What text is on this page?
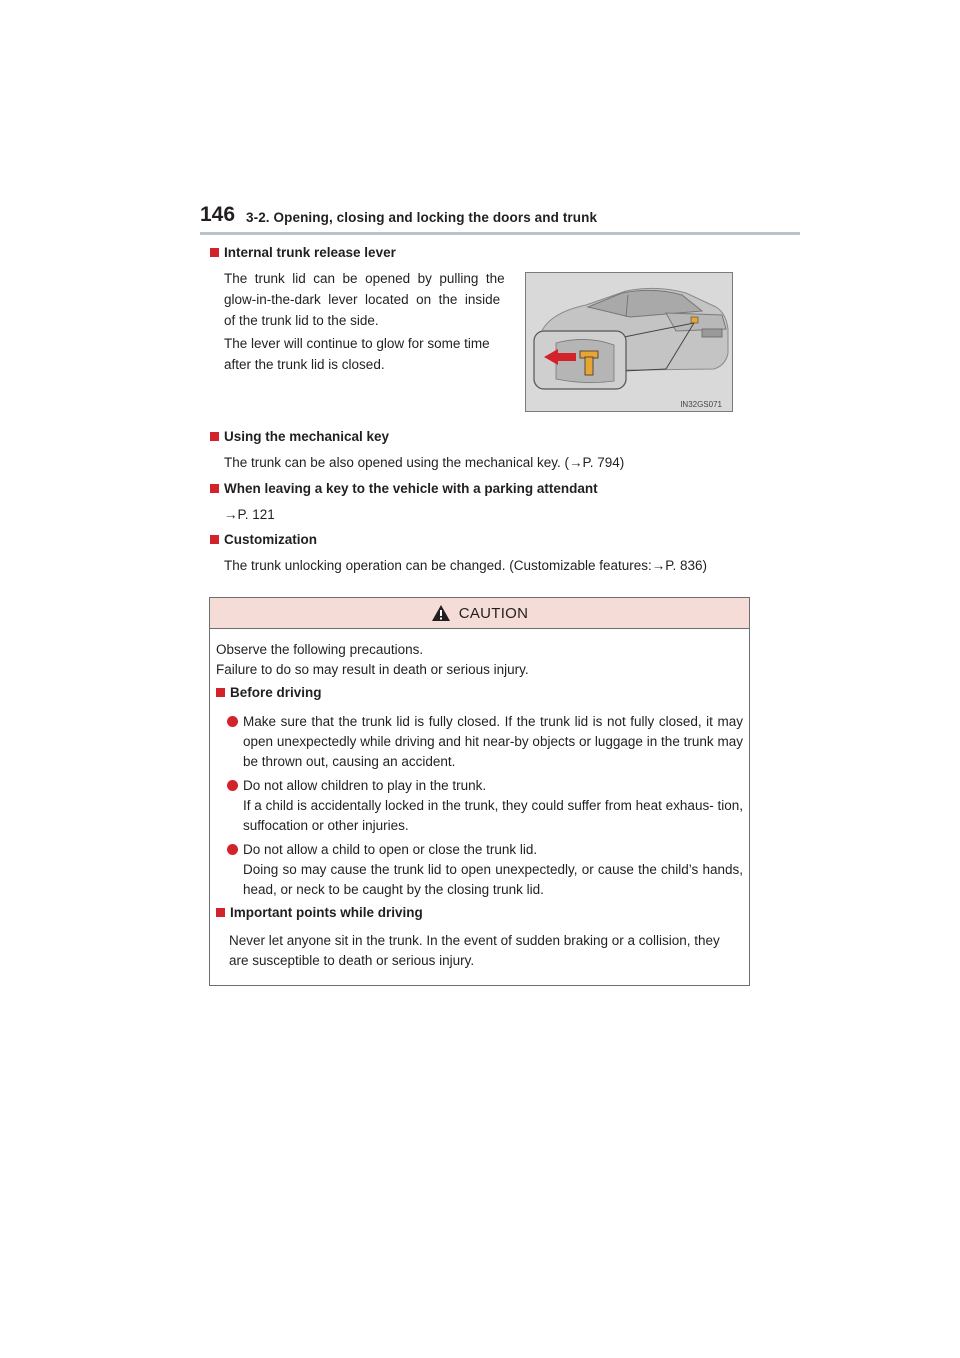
146 3-2. Opening, closing and locking the doors and trunk
Internal trunk release lever
The  trunk  lid  can  be  opened  by  pulling  the
glow-in-the-dark  lever  located  on  the  inside
of the trunk lid to the side.
The lever will continue to glow for some time
after the trunk lid is closed.
IN32GS071
Using the mechanical key
The trunk can be also opened using the mechanical key. (→P. 794)
When leaving a key to the vehicle with a parking attendant
→P. 121
Customization
The trunk unlocking operation can be changed. (Customizable features:→P. 836)
CAUTION
Observe the following precautions.
Failure to do so may result in death or serious injury.
Before driving
Make sure that the trunk lid is fully closed. If the trunk lid is not fully closed, it may open unexpectedly while driving and hit near-by objects or luggage in the trunk may be thrown out, causing an accident.
Do not allow children to play in the trunk.
If a child is accidentally locked in the trunk, they could suffer from heat exhaus- tion, suffocation or other injuries.
Do not allow a child to open or close the trunk lid.
Doing so may cause the trunk lid to open unexpectedly, or cause the child’s hands, head, or neck to be caught by the closing trunk lid.
Important points while driving
Never let anyone sit in the trunk. In the event of sudden braking or a collision, they are susceptible to death or serious injury.
